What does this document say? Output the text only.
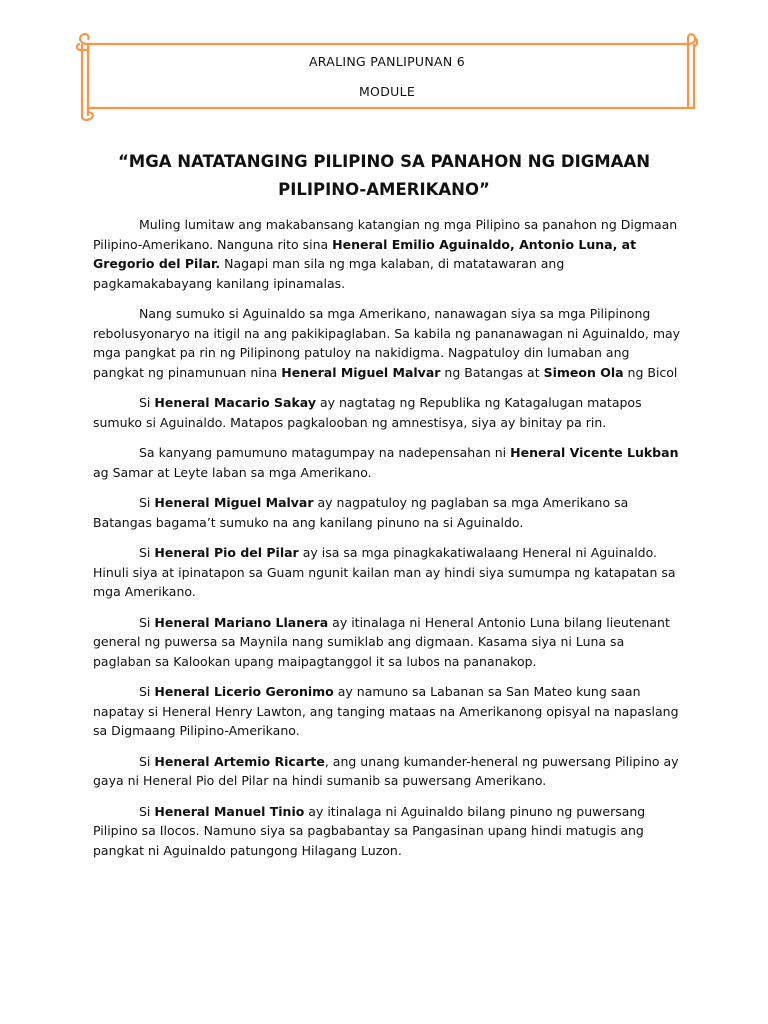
ARALING PANLIPUNAN 6
MODULE
“MGA NATATANGING PILIPINO SA PANAHON NG DIGMAAN PILIPINO-AMERIKANO”

Muling lumitaw ang makabansang katangian ng mga Pilipino sa panahon ng Digmaan Pilipino-Amerikano. Nanguna rito sina Heneral Emilio Aguinaldo, Antonio Luna, at Gregorio del Pilar. Nagapi man sila ng mga kalaban, di matatawaran ang pagkamakabayang kanilang ipinamalas.

Nang sumuko si Aguinaldo sa mga Amerikano, nanawagan siya sa mga Pilipinong rebolusyonaryo na itigil na ang pakikipaglaban. Sa kabila ng pananawagan ni Aguinaldo, may mga pangkat pa rin ng Pilipinong patuloy na nakidigma. Nagpatuloy din lumaban ang pangkat ng pinamunuan nina Heneral Miguel Malvar ng Batangas at Simeon Ola ng Bicol

Si Heneral Macario Sakay ay nagtatag ng Republika ng Katagalugan matapos sumuko si Aguinaldo. Matapos pagkalooban ng amnestisya, siya ay binitay pa rin.

Sa kanyang pamumuno matagumpay na nadepensahan ni Heneral Vicente Lukban ag Samar at Leyte laban sa mga Amerikano.

Si Heneral Miguel Malvar ay nagpatuloy ng paglaban sa mga Amerikano sa Batangas bagama’t sumuko na ang kanilang pinuno na si Aguinaldo.

Si Heneral Pio del Pilar ay isa sa mga pinagkakatiwalaang Heneral ni Aguinaldo. Hinuli siya at ipinatapon sa Guam ngunit kailan man ay hindi siya sumumpa ng katapatan sa mga Amerikano.

Si Heneral Mariano Llanera ay itinalaga ni Heneral Antonio Luna bilang lieutenant general ng puwersa sa Maynila nang sumiklab ang digmaan. Kasama siya ni Luna sa paglaban sa Kalookan upang maipagtanggol it sa lubos na pananakop.

Si Heneral Licerio Geronimo ay namuno sa Labanan sa San Mateo kung saan napatay si Heneral Henry Lawton, ang tanging mataas na Amerikanong opisyal na napaslang sa Digmaang Pilipino-Amerikano.

Si Heneral Artemio Ricarte, ang unang kumander-heneral ng puwersang Pilipino ay gaya ni Heneral Pio del Pilar na hindi sumanib sa puwersang Amerikano.

Si Heneral Manuel Tinio ay itinalaga ni Aguinaldo bilang pinuno ng puwersang Pilipino sa Ilocos. Namuno siya sa pagbabantay sa Pangasinan upang hindi matugis ang pangkat ni Aguinaldo patungong Hilagang Luzon.
